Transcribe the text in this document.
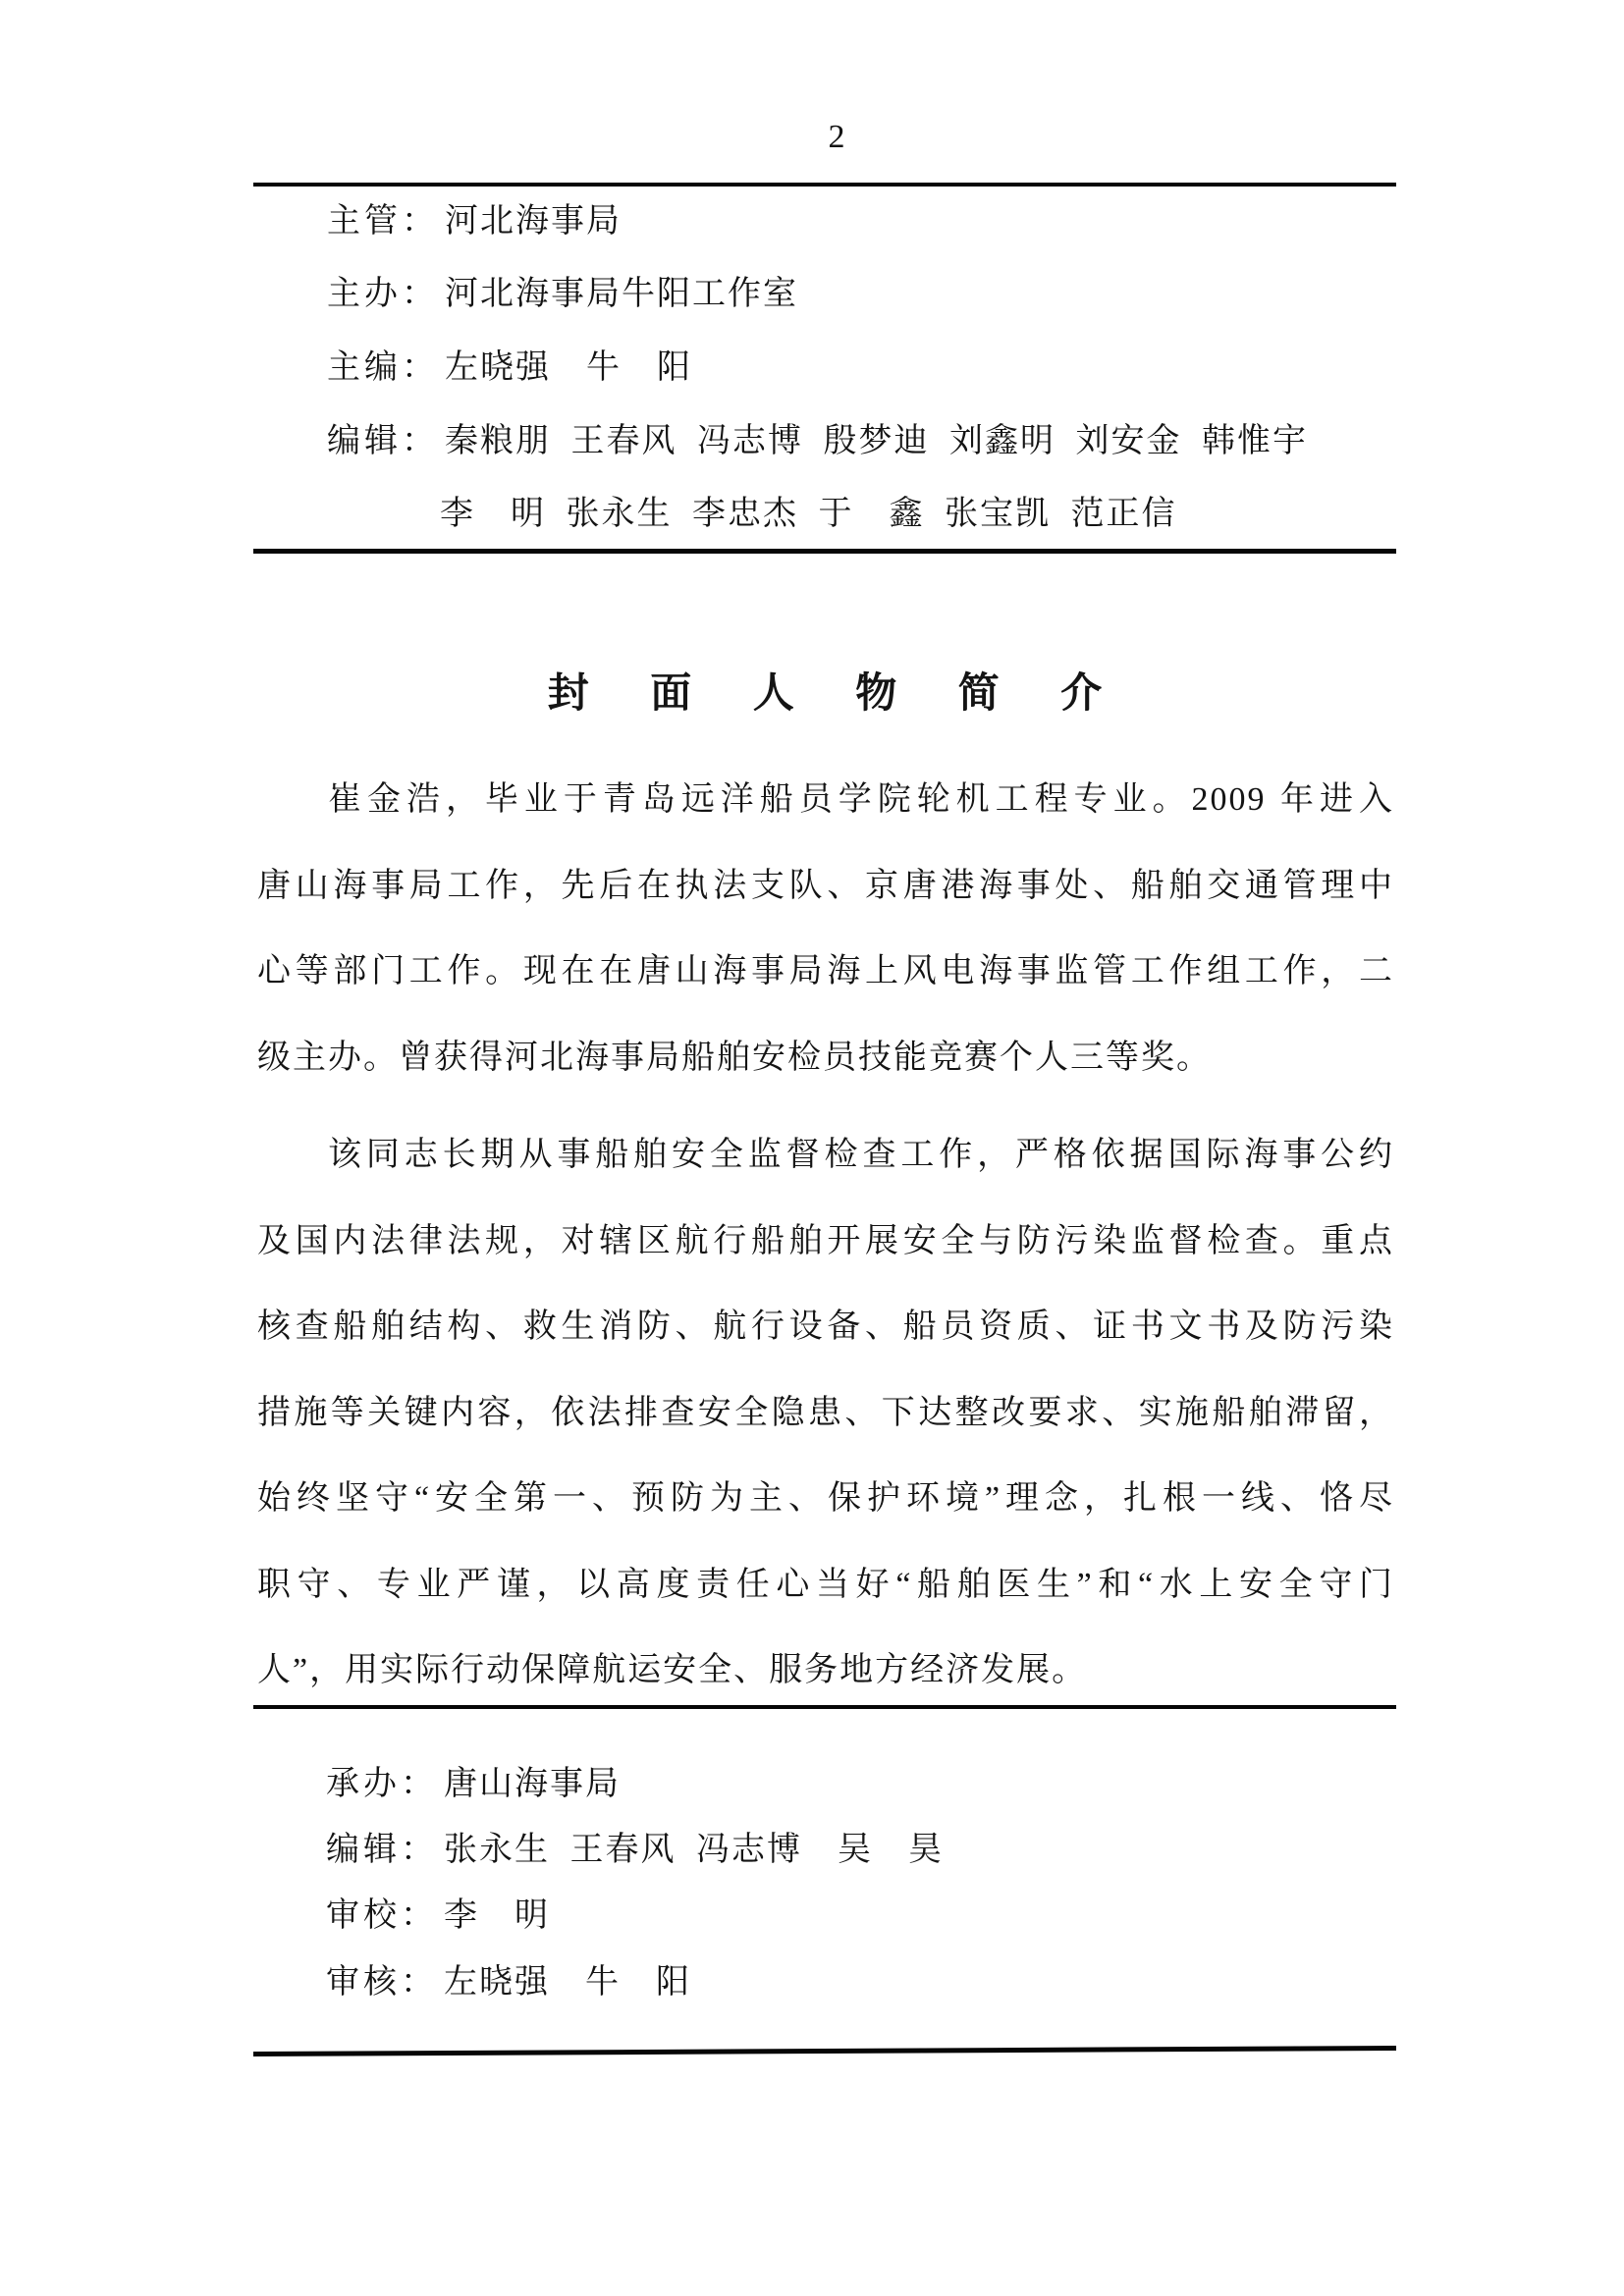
2
主管： 河北海事局
主办： 河北海事局牛阳工作室
主编： 左晓强　牛　阳
编辑： 秦粮朋 王春风 冯志博 殷梦迪 刘鑫明 刘安金 韩惟宇
李　明 张永生 李忠杰 于　鑫 张宝凯 范正信
封 面 人 物 简 介
崔金浩，毕业于青岛远洋船员学院轮机工程专业。2009 年进入
唐山海事局工作，先后在执法支队、京唐港海事处、船舶交通管理中
心等部门工作。现在在唐山海事局海上风电海事监管工作组工作，二
级主办。曾获得河北海事局船舶安检员技能竞赛个人三等奖。
该同志长期从事船舶安全监督检查工作，严格依据国际海事公约
及国内法律法规，对辖区航行船舶开展安全与防污染监督检查。重点
核查船舶结构、救生消防、航行设备、船员资质、证书文书及防污染
措施等关键内容，依法排查安全隐患、下达整改要求、实施船舶滞留，
始终坚守“安全第一、预防为主、保护环境”理念，扎根一线、恪尽
职守、专业严谨，以高度责任心当好“船舶医生”和“水上安全守门
人”，用实际行动保障航运安全、服务地方经济发展。
承办： 唐山海事局
编辑： 张永生 王春风 冯志博　吴　昊
审校： 李　明
审核： 左晓强　牛　阳
